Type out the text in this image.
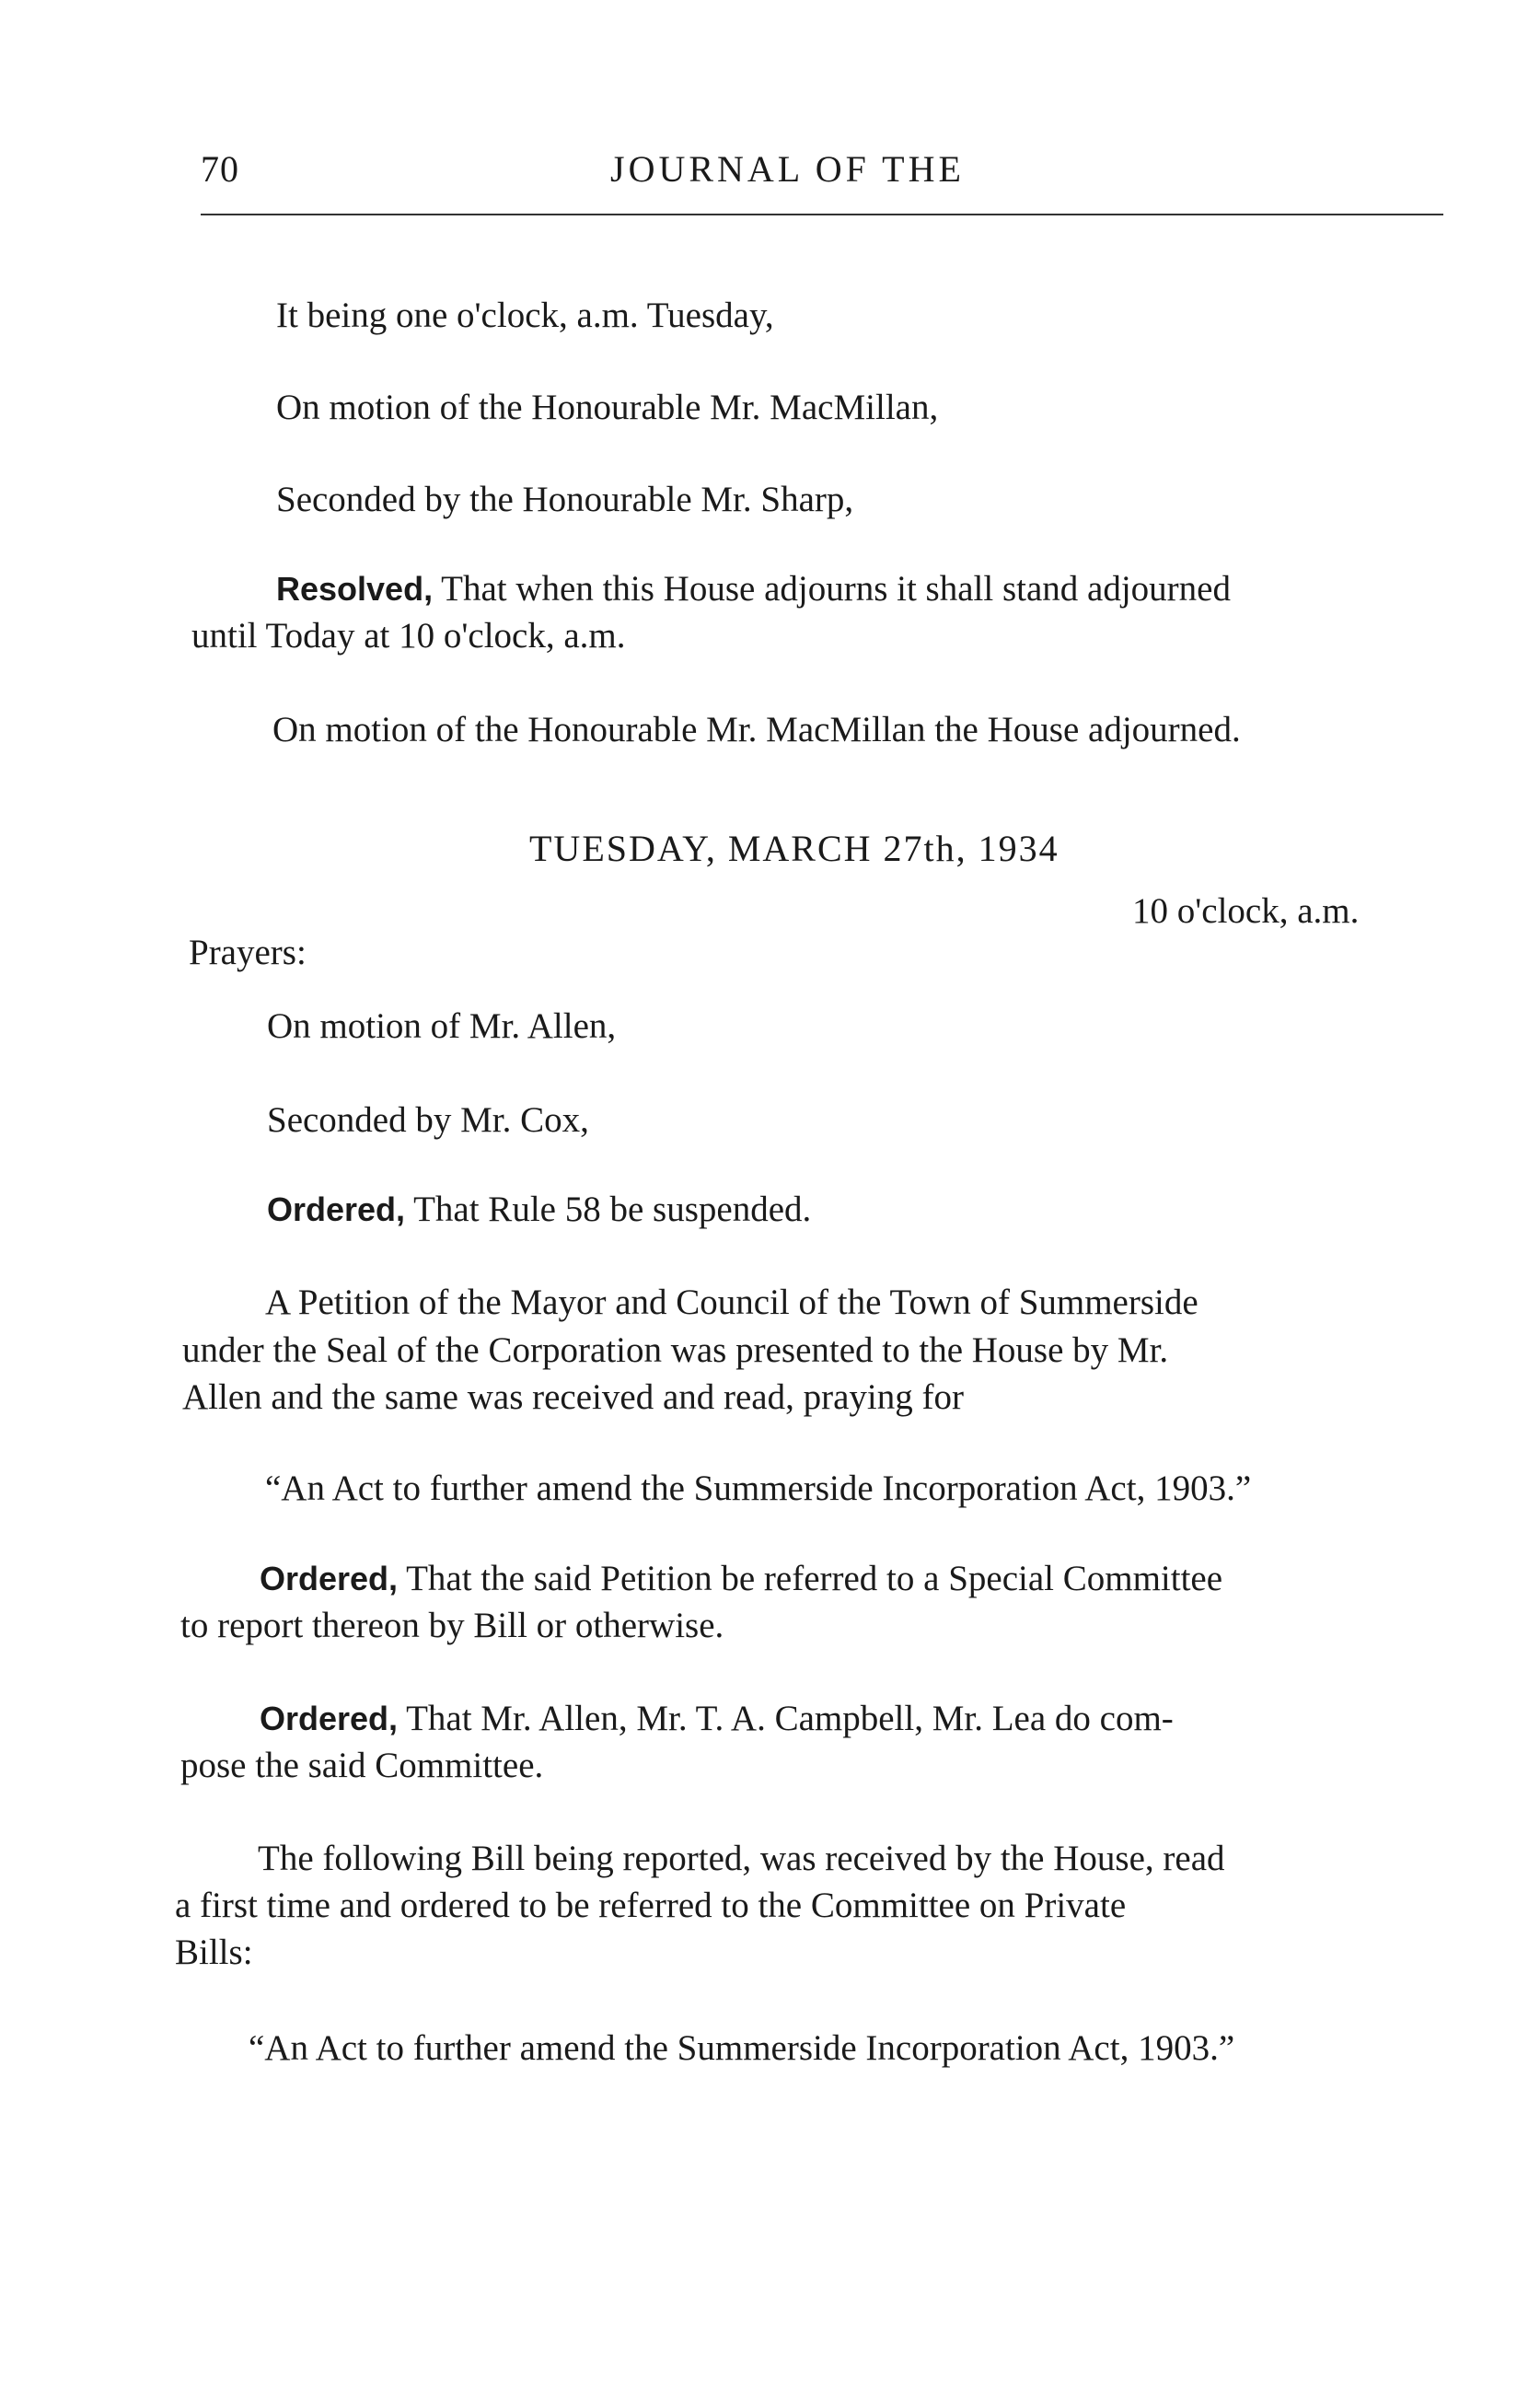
70	JOURNAL OF THE

It being one o'clock, a.m. Tuesday,

On motion of the Honourable Mr. MacMillan,

Seconded by the Honourable Mr. Sharp,

Resolved, That when this House adjourns it shall stand adjourned

until Today at 10 o'clock, a.m.

On motion of the Honourable Mr. MacMillan the House adjourned.

TUESDAY, MARCH 27th, 1934
10 o'clock, a.m.
Prayers:

On motion of Mr. Allen,

Seconded by Mr. Cox,

Ordered, That Rule 58 be suspended.

A Petition of the Mayor and Council of the Town of Summerside

under the Seal of the Corporation was presented to the House by Mr.

Allen and the same was received and read, praying for

“An Act to further amend the Summerside Incorporation Act, 1903.”

Ordered, That the said Petition be referred to a Special Committee

to report thereon by Bill or otherwise.

Ordered, That Mr. Allen, Mr. T. A. Campbell, Mr. Lea do com-

pose the said Committee.

The following Bill being reported, was received by the House, read

a first time and ordered to be referred to the Committee on Private

Bills:

“An Act to further amend the Summerside Incorporation Act, 1903.”
